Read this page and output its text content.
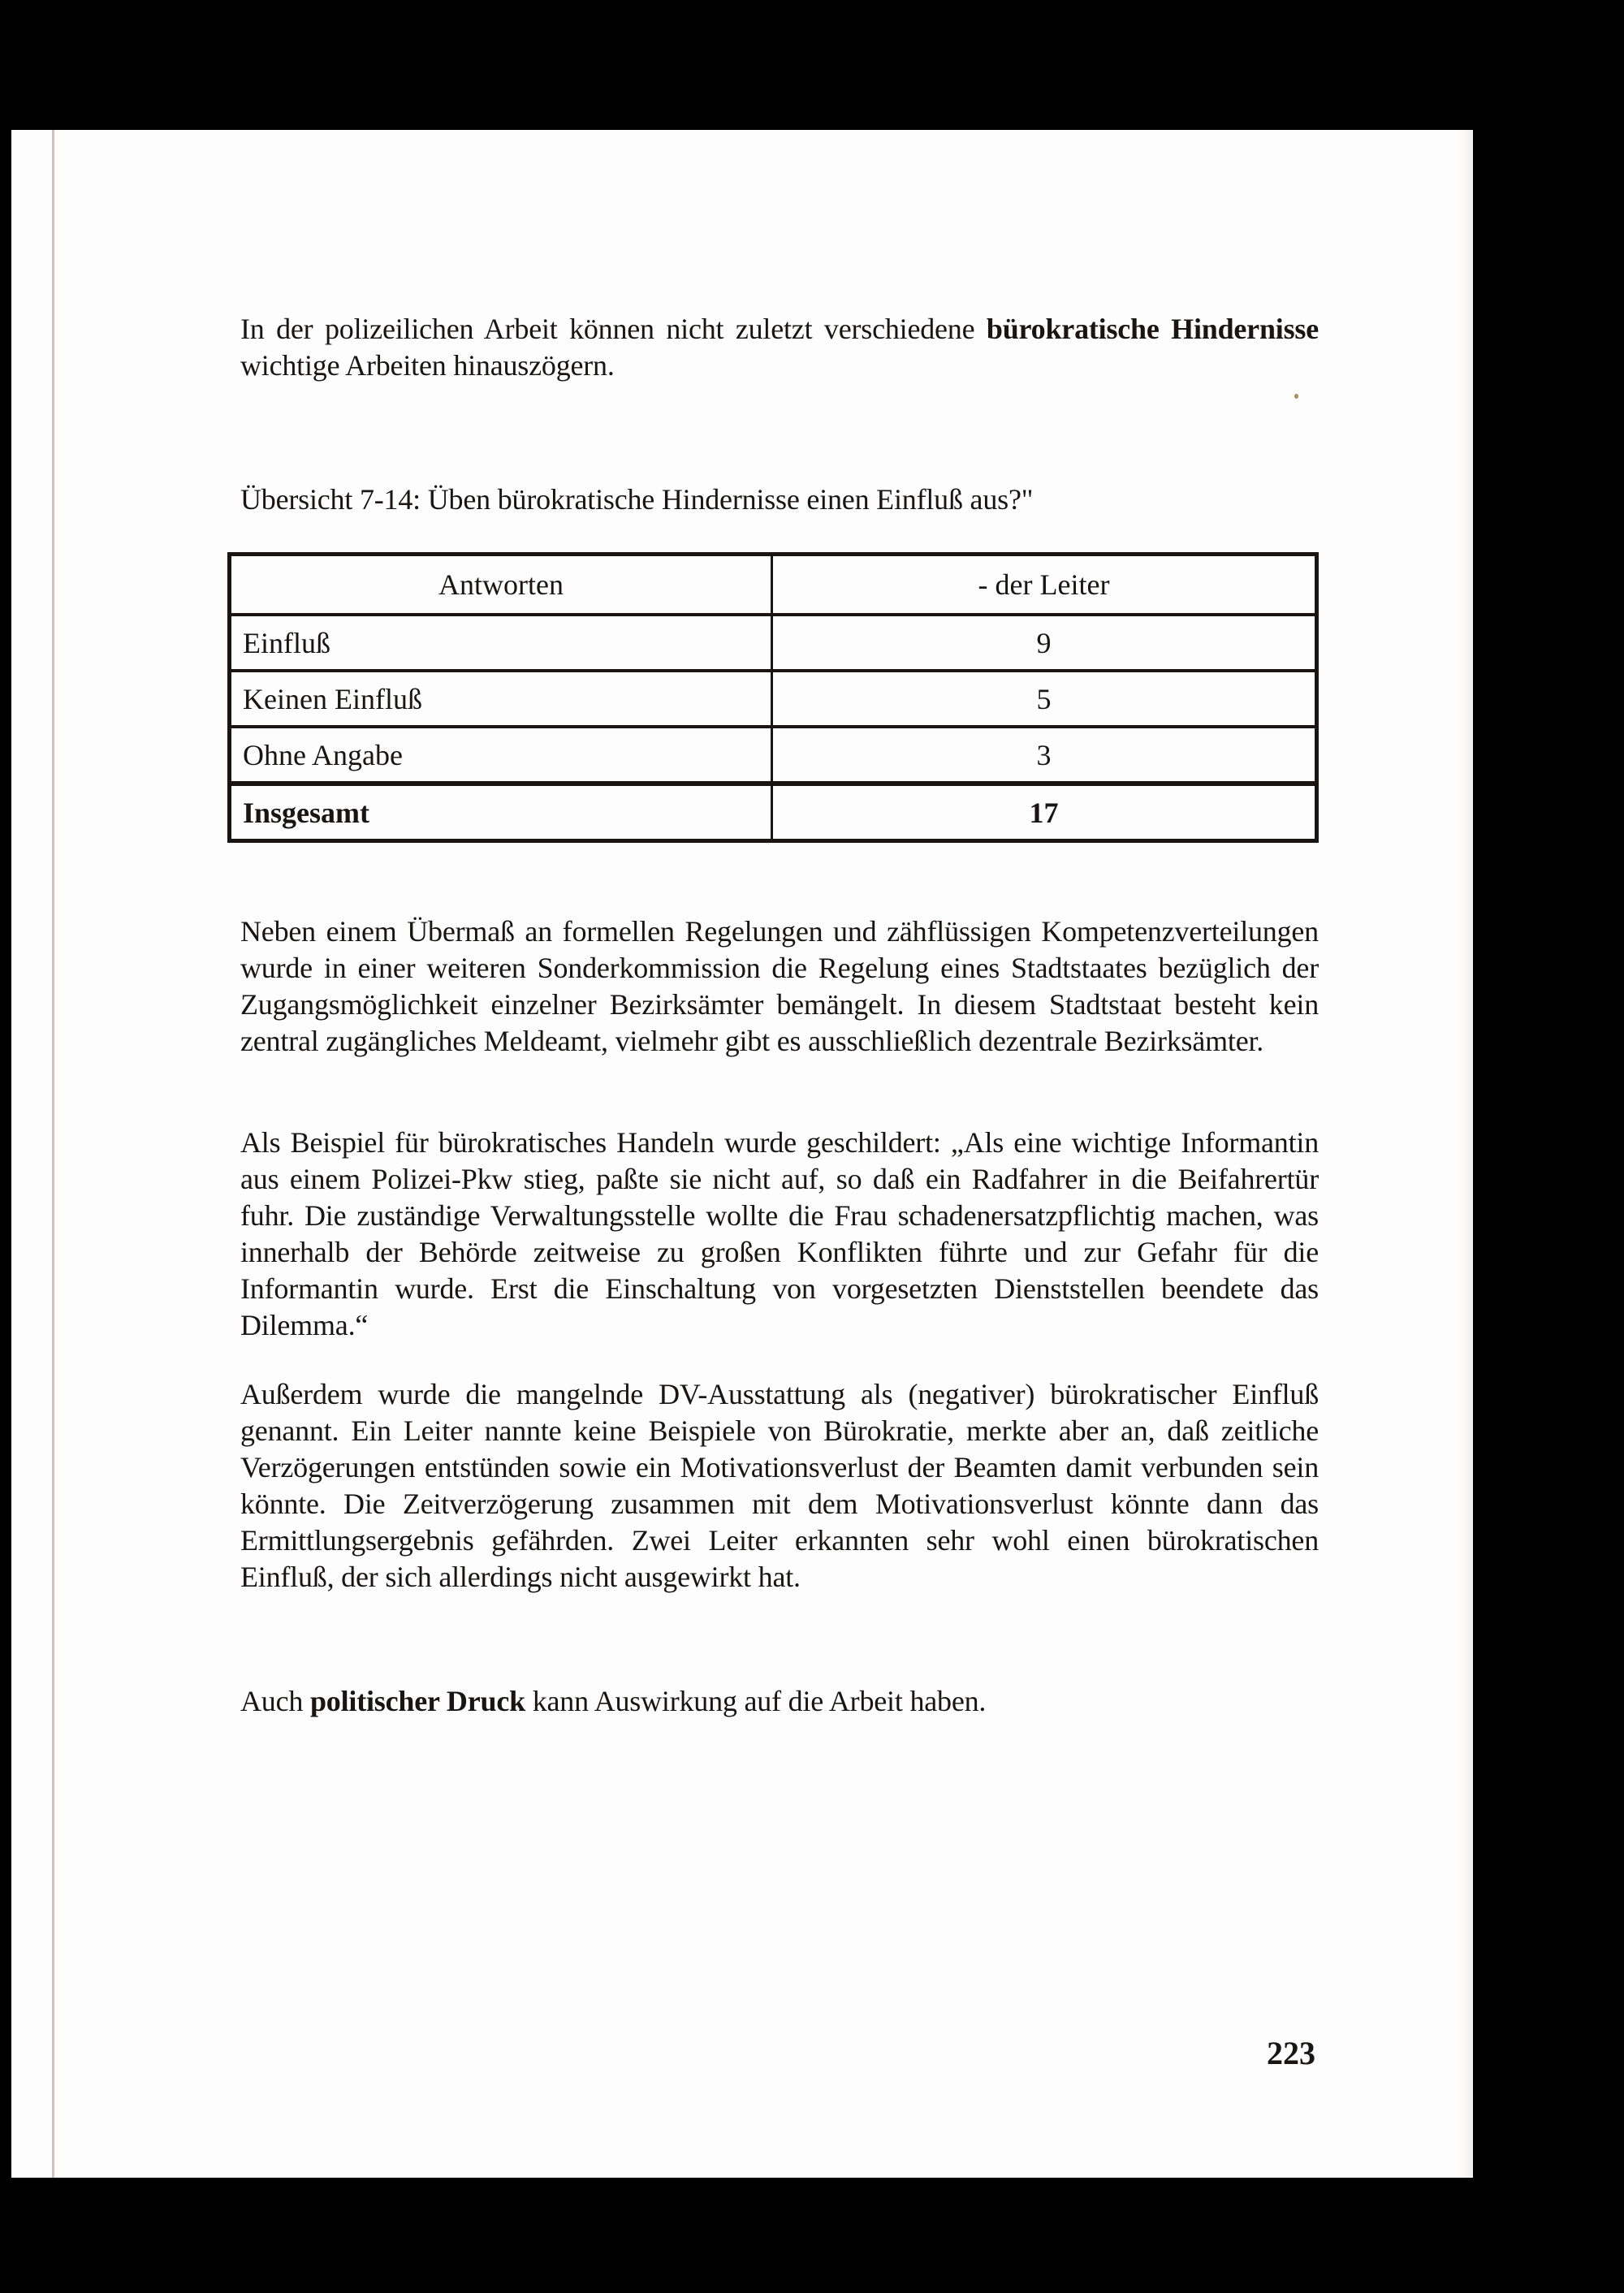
In der polizeilichen Arbeit können nicht zuletzt verschiedene bürokratische Hindernisse wichtige Arbeiten hinauszögern.

Übersicht 7-14: Üben bürokratische Hindernisse einen Einfluß aus?"

Antworten	- der Leiter
Einfluß	9
Keinen Einfluß	5
Ohne Angabe	3
Insgesamt	17

Neben einem Übermaß an formellen Regelungen und zähflüssigen Kompetenzverteilungen wurde in einer weiteren Sonderkommission die Regelung eines Stadtstaates bezüglich der Zugangsmöglichkeit einzelner Bezirksämter bemängelt. In diesem Stadtstaat besteht kein zentral zugängliches Meldeamt, vielmehr gibt es ausschließlich dezentrale Bezirksämter.

Als Beispiel für bürokratisches Handeln wurde geschildert: „Als eine wichtige Informantin aus einem Polizei-Pkw stieg, paßte sie nicht auf, so daß ein Radfahrer in die Beifahrertür fuhr. Die zuständige Verwaltungsstelle wollte die Frau schadenersatzpflichtig machen, was innerhalb der Behörde zeitweise zu großen Konflikten führte und zur Gefahr für die Informantin wurde. Erst die Einschaltung von vorgesetzten Dienststellen beendete das Dilemma.“

Außerdem wurde die mangelnde DV-Ausstattung als (negativer) bürokratischer Einfluß genannt. Ein Leiter nannte keine Beispiele von Bürokratie, merkte aber an, daß zeitliche Verzögerungen entstünden sowie ein Motivationsverlust der Beamten damit verbunden sein könnte. Die Zeitverzögerung zusammen mit dem Motivationsverlust könnte dann das Ermittlungsergebnis gefährden. Zwei Leiter erkannten sehr wohl einen bürokratischen Einfluß, der sich allerdings nicht ausgewirkt hat.

Auch politischer Druck kann Auswirkung auf die Arbeit haben.

223
